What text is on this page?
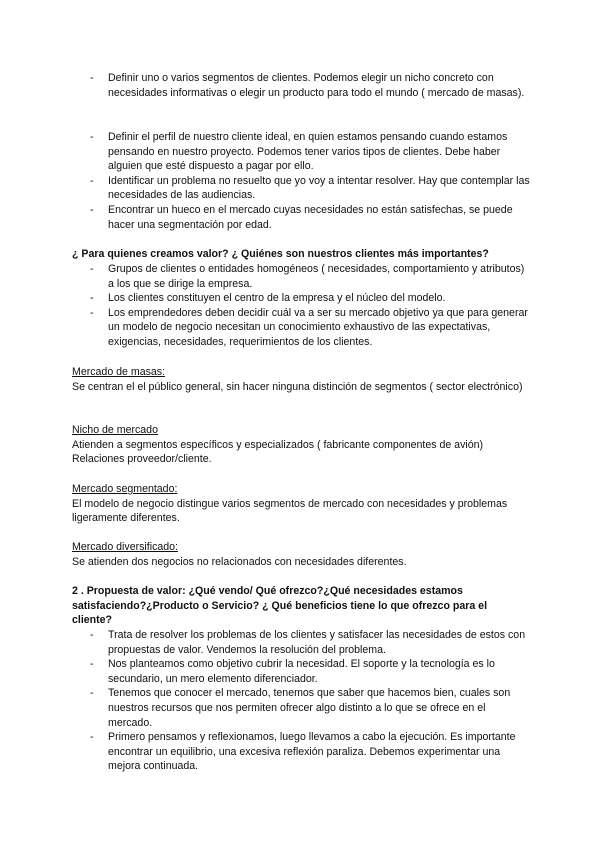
- Definir uno o varios segmentos de clientes. Podemos elegir un nicho concreto con necesidades informativas o elegir un producto para todo el mundo ( mercado de masas).
- Definir el perfil de nuestro cliente ideal, en quien estamos pensando cuando estamos pensando en nuestro proyecto. Podemos tener varios tipos de clientes. Debe haber alguien que esté dispuesto a pagar por ello.
- Identificar un problema no resuelto que yo voy a intentar resolver. Hay que contemplar las necesidades de las audiencias.
- Encontrar un hueco en el mercado cuyas necesidades no están satisfechas, se puede hacer una segmentación por edad.

¿ Para quienes creamos valor? ¿ Quiénes son nuestros clientes más importantes?

- Grupos de clientes o entidades homogéneos ( necesidades, comportamiento y atributos) a los que se dirige la empresa.
- Los clientes constituyen el centro de la empresa y el núcleo del modelo.
- Los emprendedores deben decidir cuál va a ser su mercado objetivo ya que para generar un modelo de negocio necesitan un conocimiento exhaustivo de las expectativas, exigencias, necesidades, requerimientos de los clientes.

Mercado de masas:

Se centran el el público general, sin hacer ninguna distinción de segmentos ( sector electrónico)

Nicho de mercado

Atienden a segmentos específicos y especializados ( fabricante componentes de avión)

Relaciones proveedor/cliente.

Mercado segmentado:

El modelo de negocio distingue varios segmentos de mercado con necesidades y problemas ligeramente diferentes.

Mercado diversificado:

Se atienden dos negocios no relacionados con necesidades diferentes.

2 . Propuesta de valor: ¿Qué vendo/ Qué ofrezco?¿Qué necesidades estamos satisfaciendo?¿Producto o Servicio? ¿ Qué beneficios tiene lo que ofrezco para el cliente?

- Trata de resolver los problemas de los clientes y satisfacer las necesidades de estos con propuestas de valor. Vendemos la resolución del problema.
- Nos planteamos como objetivo cubrir la necesidad. El soporte y la tecnología es lo secundario, un mero elemento diferenciador.
- Tenemos que conocer el mercado, tenemos que saber que hacemos bien, cuales son nuestros recursos que nos permiten ofrecer algo distinto a lo que se ofrece en el mercado.
- Primero pensamos y reflexionamos, luego llevamos a cabo la ejecución. Es importante encontrar un equilibrio, una excesiva reflexión paraliza. Debemos experimentar una mejora continuada.
